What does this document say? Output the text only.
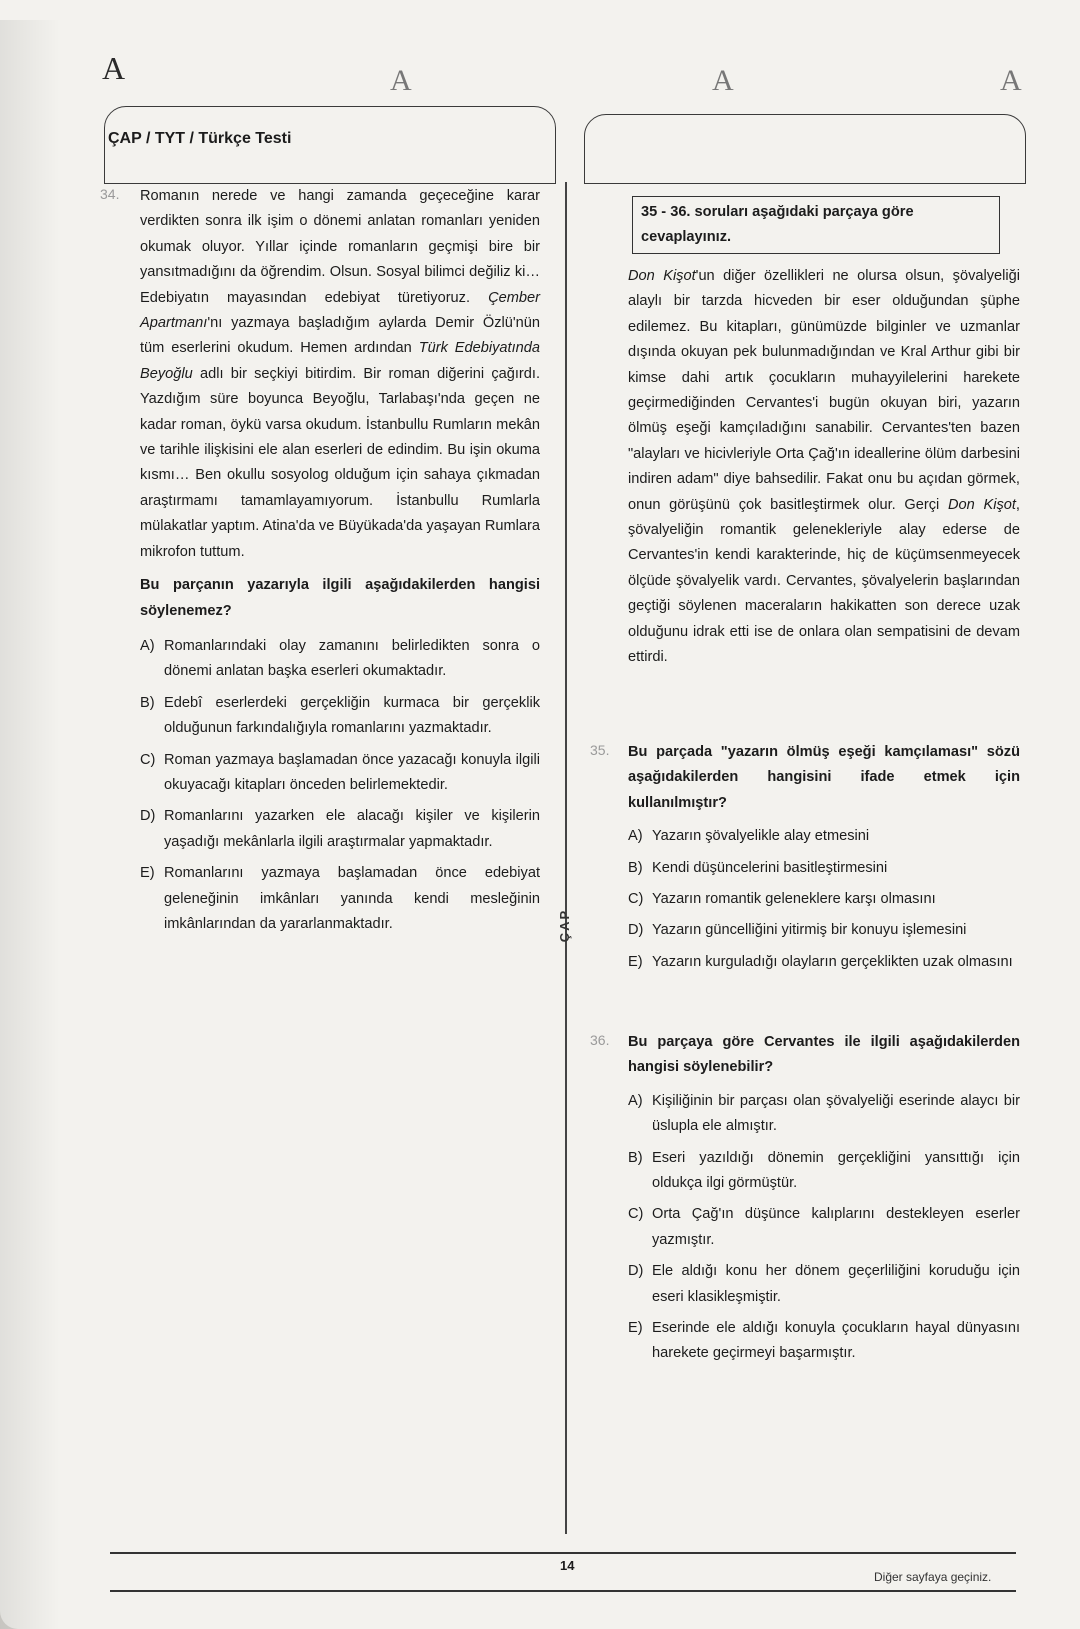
A	A	A	A
ÇAP / TYT / Türkçe Testi
ÇAP
34. Romanın nerede ve hangi zamanda geçeceğine karar verdikten sonra ilk işim o dönemi anlatan romanları yeniden okumak oluyor. Yıllar içinde romanların geçmişi bire bir yansıtmadığını da öğrendim. Olsun. Sosyal bilimci değiliz ki… Edebiyatın mayasından edebiyat türetiyoruz. Çember Apartmanı'nı yazmaya başladığım aylarda Demir Özlü'nün tüm eserlerini okudum. Hemen ardından Türk Edebiyatında Beyoğlu adlı bir seçkiyi bitirdim. Bir roman diğerini çağırdı. Yazdığım süre boyunca Beyoğlu, Tarlabaşı'nda geçen ne kadar roman, öykü varsa okudum. İstanbullu Rumların mekân ve tarihle ilişkisini ele alan eserleri de edindim. Bu işin okuma kısmı… Ben okullu sosyolog olduğum için sahaya çıkmadan araştırmamı tamamlayamıyorum. İstanbullu Rumlarla mülakatlar yaptım. Atina'da ve Büyükada'da yaşayan Rumlara mikrofon tuttum.

Bu parçanın yazarıyla ilgili aşağıdakilerden hangisi söylenemez?

A) Romanlarındaki olay zamanını belirledikten sonra o dönemi anlatan başka eserleri okumaktadır.
B) Edebî eserlerdeki gerçekliğin kurmaca bir gerçeklik olduğunun farkındalığıyla romanlarını yazmaktadır.
C) Roman yazmaya başlamadan önce yazacağı konuyla ilgili okuyacağı kitapları önceden belirlemektedir.
D) Romanlarını yazarken ele alacağı kişiler ve kişilerin yaşadığı mekânlarla ilgili araştırmalar yapmaktadır.
E) Romanlarını yazmaya başlamadan önce edebiyat geleneğinin imkânları yanında kendi mesleğinin imkânlarından da yararlanmaktadır.
35 - 36. soruları aşağıdaki parçaya göre cevaplayınız.

Don Kişot'un diğer özellikleri ne olursa olsun, şövalyeliği alaylı bir tarzda hicveden bir eser olduğundan şüphe edilemez. Bu kitapları, günümüzde bilginler ve uzmanlar dışında okuyan pek bulunmadığından ve Kral Arthur gibi bir kimse dahi artık çocukların muhayyilelerini harekete geçirmediğinden Cervantes'i bugün okuyan biri, yazarın ölmüş eşeği kamçıladığını sanabilir. Cervantes'ten bazen "alayları ve hicivleriyle Orta Çağ'ın ideallerine ölüm darbesini indiren adam" diye bahsedilir. Fakat onu bu açıdan görmek, onun görüşünü çok basitleştirmek olur. Gerçi Don Kişot, şövalyeliğin romantik gelenekleriyle alay ederse de Cervantes'in kendi karakterinde, hiç de küçümsenmeyecek ölçüde şövalyelik vardı. Cervantes, şövalyelerin başlarından geçtiği söylenen maceraların hakikatten son derece uzak olduğunu idrak etti ise de onlara olan sempatisini de devam ettirdi.

35. Bu parçada "yazarın ölmüş eşeği kamçılaması" sözü aşağıdakilerden hangisini ifade etmek için kullanılmıştır?

A) Yazarın şövalyelikle alay etmesini
B) Kendi düşüncelerini basitleştirmesini
C) Yazarın romantik geleneklere karşı olmasını
D) Yazarın güncelliğini yitirmiş bir konuyu işlemesini
E) Yazarın kurguladığı olayların gerçeklikten uzak olmasını
36. Bu parçaya göre Cervantes ile ilgili aşağıdakilerden hangisi söylenebilir?

A) Kişiliğinin bir parçası olan şövalyeliği eserinde alaycı bir üslupla ele almıştır.
B) Eseri yazıldığı dönemin gerçekliğini yansıttığı için oldukça ilgi görmüştür.
C) Orta Çağ'ın düşünce kalıplarını destekleyen eserler yazmıştır.
D) Ele aldığı konu her dönem geçerliliğini koruduğu için eseri klasikleşmiştir.
E) Eserinde ele aldığı konuyla çocukların hayal dünyasını harekete geçirmeyi başarmıştır.
14
Diğer sayfaya geçiniz.
